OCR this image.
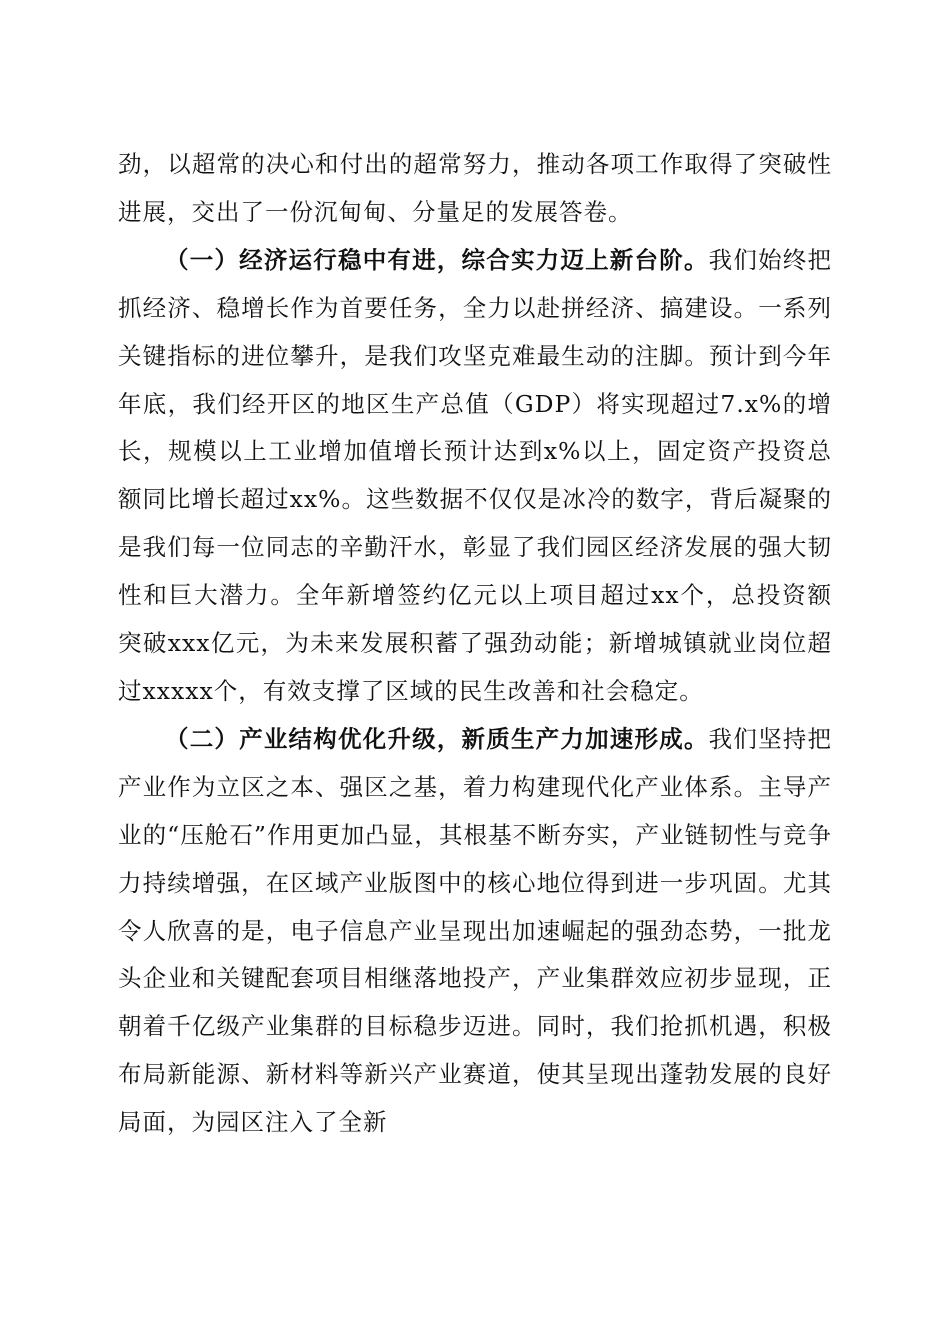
劲，以超常的决心和付出的超常努力，推动各项工作取得了突破性进展，交出了一份沉甸甸、分量足的发展答卷。

（一）经济运行稳中有进，综合实力迈上新台阶。我们始终把抓经济、稳增长作为首要任务，全力以赴拼经济、搞建设。一系列关键指标的进位攀升，是我们攻坚克难最生动的注脚。预计到今年年底，我们经开区的地区生产总值（GDP）将实现超过7.x%的增长，规模以上工业增加值增长预计达到x%以上，固定资产投资总额同比增长超过xx%。这些数据不仅仅是冰冷的数字，背后凝聚的是我们每一位同志的辛勤汗水，彰显了我们园区经济发展的强大韧性和巨大潜力。全年新增签约亿元以上项目超过xx个，总投资额突破xxx亿元，为未来发展积蓄了强劲动能；新增城镇就业岗位超过xxxxx个，有效支撑了区域的民生改善和社会稳定。

（二）产业结构优化升级，新质生产力加速形成。我们坚持把产业作为立区之本、强区之基，着力构建现代化产业体系。主导产业的“压舱石”作用更加凸显，其根基不断夯实，产业链韧性与竞争力持续增强，在区域产业版图中的核心地位得到进一步巩固。尤其令人欣喜的是，电子信息产业呈现出加速崛起的强劲态势，一批龙头企业和关键配套项目相继落地投产，产业集群效应初步显现，正朝着千亿级产业集群的目标稳步迈进。同时，我们抢抓机遇，积极布局新能源、新材料等新兴产业赛道，使其呈现出蓬勃发展的良好局面，为园区注入了全新
